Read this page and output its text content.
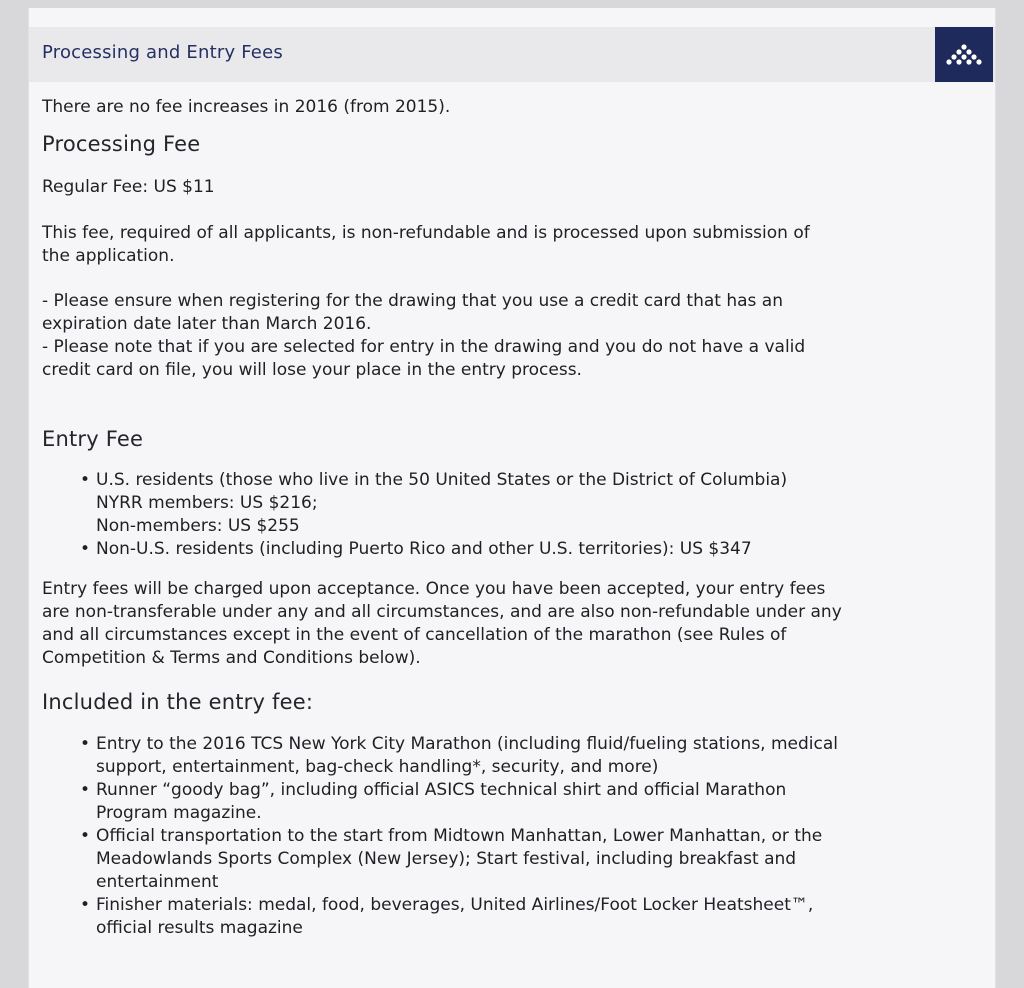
Processing and Entry Fees

There are no fee increases in 2016 (from 2015).

Processing Fee

Regular Fee: US $11

This fee, required of all applicants, is non-refundable and is processed upon submission of

the application.

- Please ensure when registering for the drawing that you use a credit card that has an

expiration date later than March 2016.

- Please note that if you are selected for entry in the drawing and you do not have a valid

credit card on file, you will lose your place in the entry process.

Entry Fee
• U.S. residents (those who live in the 50 United States or the District of Columbia)
NYRR members: US $216;
Non-members: US $255
• Non-U.S. residents (including Puerto Rico and other U.S. territories): US $347

Entry fees will be charged upon acceptance. Once you have been accepted, your entry fees

are non-transferable under any and all circumstances, and are also non-refundable under any

and all circumstances except in the event of cancellation of the marathon (see Rules of

Competition & Terms and Conditions below).

Included in the entry fee:
• Entry to the 2016 TCS New York City Marathon (including fluid/fueling stations, medical
support, entertainment, bag-check handling*, security, and more)
• Runner “goody bag”, including official ASICS technical shirt and official Marathon
Program magazine.
• Official transportation to the start from Midtown Manhattan, Lower Manhattan, or the
Meadowlands Sports Complex (New Jersey); Start festival, including breakfast and
entertainment
• Finisher materials: medal, food, beverages, United Airlines/Foot Locker Heatsheet™,
official results magazine
